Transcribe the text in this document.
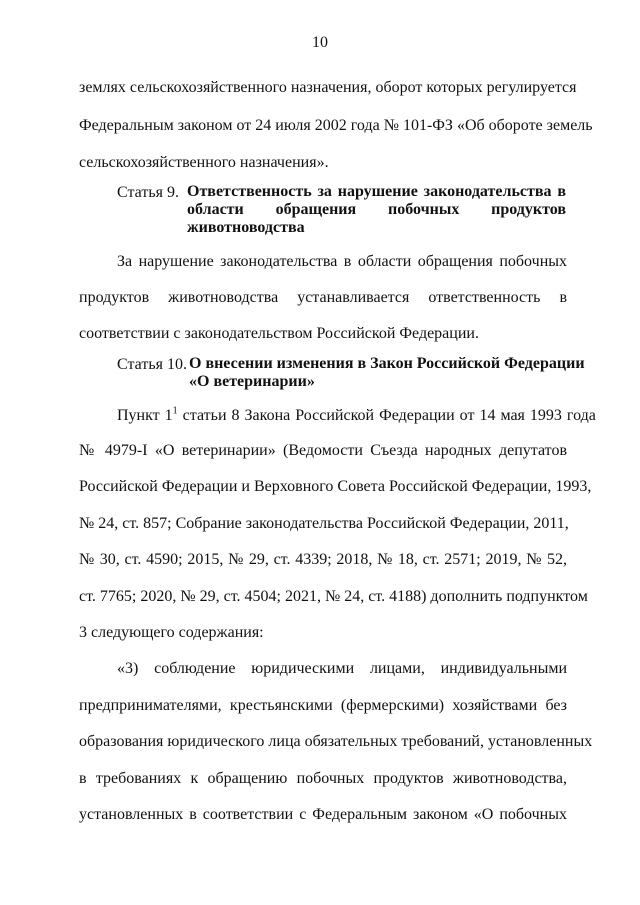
10
землях сельскохозяйственного назначения, оборот которых регулируется
Федеральным законом от 24 июля 2002 года № 101-ФЗ «Об обороте земель
сельскохозяйственного назначения».
Статья 9. Ответственность за нарушение законодательства в
области обращения побочных продуктов
животноводства
За нарушение законодательства в области обращения побочных
продуктов животноводства устанавливается ответственность в
соответствии с законодательством Российской Федерации.
Статья 10. О внесении изменения в Закон Российской Федерации
«О ветеринарии»
Пункт $1^1$ статьи 8 Закона Российской Федерации от 14 мая 1993 года
№ 4979-I «О ветеринарии» (Ведомости Съезда народных депутатов
Российской Федерации и Верховного Совета Российской Федерации, 1993,
№ 24, ст. 857; Собрание законодательства Российской Федерации, 2011,
№ 30, ст. 4590; 2015, № 29, ст. 4339; 2018, № 18, ст. 2571; 2019, № 52,
ст. 7765; 2020, № 29, ст. 4504; 2021, № 24, ст. 4188) дополнить подпунктом
3 следующего содержания:
«3) соблюдение юридическими лицами, индивидуальными
предпринимателями, крестьянскими (фермерскими) хозяйствами без
образования юридического лица обязательных требований, установленных
в требованиях к обращению побочных продуктов животноводства,
установленных в соответствии с Федеральным законом «О побочных
